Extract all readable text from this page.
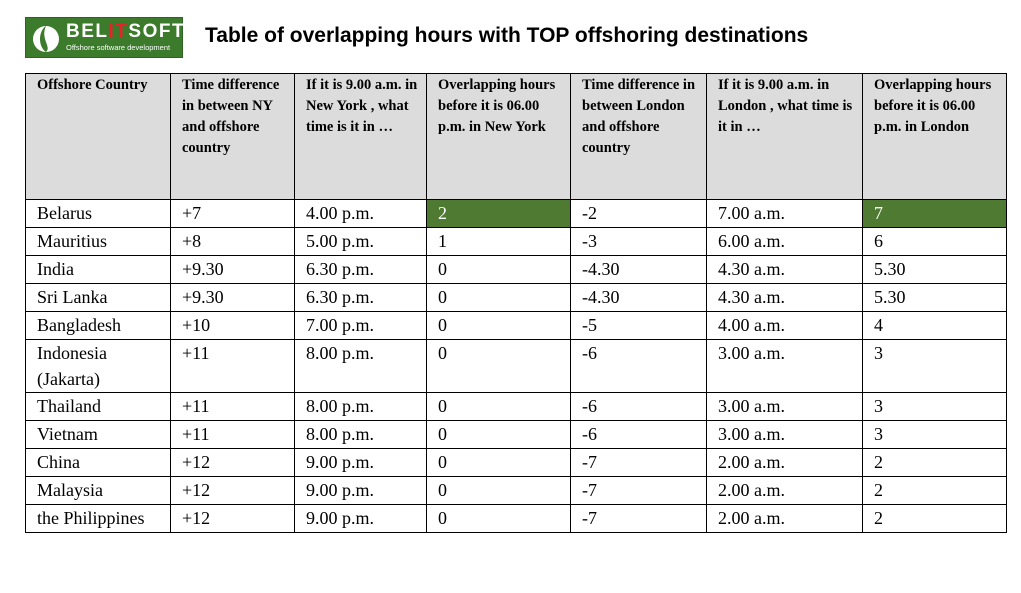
BELITSOFT
Offshore software development
Table of overlapping hours with TOP offshoring destinations
Offshore Country	Time difference in between NY and offshore country	If it is 9.00 a.m. in New York , what time is it in …	Overlapping hours before it is 06.00 p.m. in New York	Time difference in between London and offshore country	If it is 9.00 a.m. in London , what time is it in …	Overlapping hours before it is 06.00 p.m. in London
Belarus	+7	4.00 p.m.	2	-2	7.00 a.m.	7
Mauritius	+8	5.00 p.m.	1	-3	6.00 a.m.	6
India	+9.30	6.30 p.m.	0	-4.30	4.30 a.m.	5.30
Sri Lanka	+9.30	6.30 p.m.	0	-4.30	4.30 a.m.	5.30
Bangladesh	+10	7.00 p.m.	0	-5	4.00 a.m.	4
Indonesia (Jakarta)	+11	8.00 p.m.	0	-6	3.00 a.m.	3
Thailand	+11	8.00 p.m.	0	-6	3.00 a.m.	3
Vietnam	+11	8.00 p.m.	0	-6	3.00 a.m.	3
China	+12	9.00 p.m.	0	-7	2.00 a.m.	2
Malaysia	+12	9.00 p.m.	0	-7	2.00 a.m.	2
the Philippines	+12	9.00 p.m.	0	-7	2.00 a.m.	2
